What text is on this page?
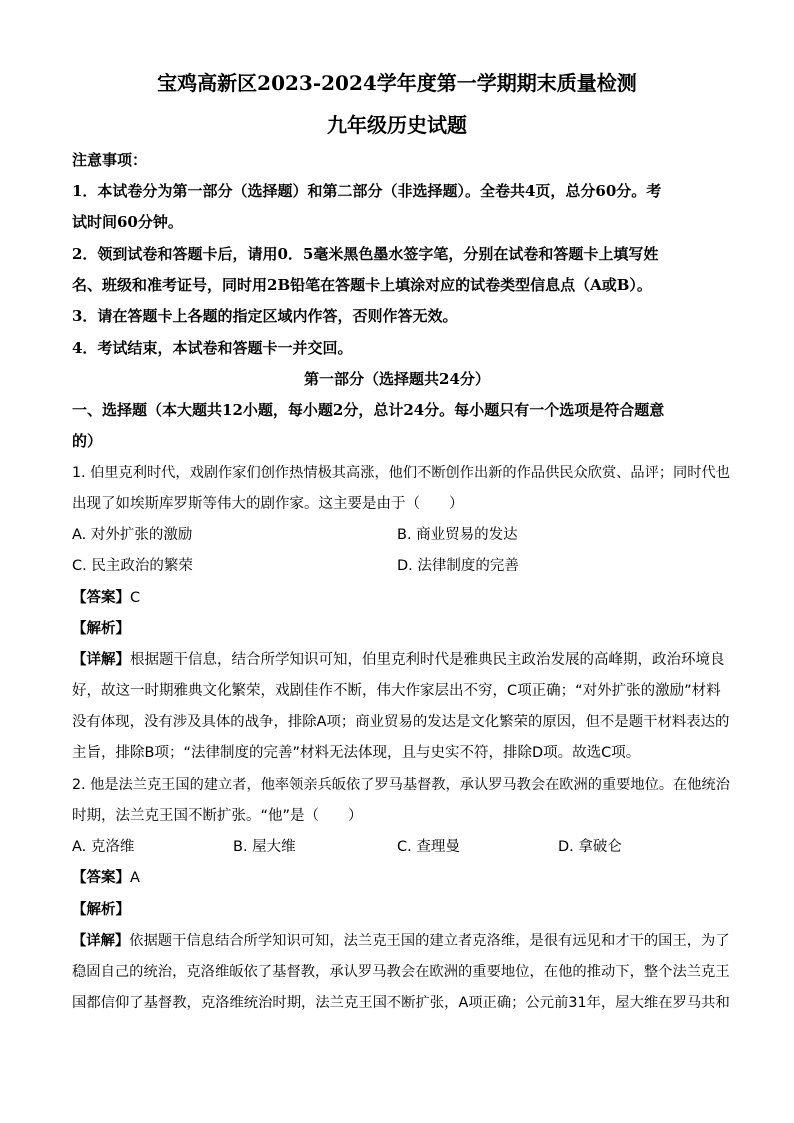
宝鸡高新区2023-2024学年度第一学期期末质量检测
九年级历史试题
注意事项：
1．本试卷分为第一部分（选择题）和第二部分（非选择题）。全卷共4页，总分60分。考
试时间60分钟。
2．领到试卷和答题卡后，请用0．5毫米黑色墨水签字笔，分别在试卷和答题卡上填写姓
名、班级和准考证号，同时用2B铅笔在答题卡上填涂对应的试卷类型信息点（A或B）。
3．请在答题卡上各题的指定区域内作答，否则作答无效。
4．考试结束，本试卷和答题卡一并交回。
第一部分（选择题共24分）
一、选择题（本大题共12小题，每小题2分，总计24分。每小题只有一个选项是符合题意
的）
1. 伯里克利时代，戏剧作家们创作热情极其高涨，他们不断创作出新的作品供民众欣赏、品评；同时代也
出现了如埃斯库罗斯等伟大的剧作家。这主要是由于（　　）
A. 对外扩张的激励	B. 商业贸易的发达
C. 民主政治的繁荣	D. 法律制度的完善
【答案】C
【解析】
【详解】根据题干信息，结合所学知识可知，伯里克利时代是雅典民主政治发展的高峰期，政治环境良
好，故这一时期雅典文化繁荣，戏剧佳作不断，伟大作家层出不穷，C项正确；“对外扩张的激励”材料
没有体现，没有涉及具体的战争，排除A项；商业贸易的发达是文化繁荣的原因，但不是题干材料表达的
主旨，排除B项；“法律制度的完善”材料无法体现，且与史实不符，排除D项。故选C项。
2. 他是法兰克王国的建立者，他率领亲兵皈依了罗马基督教，承认罗马教会在欧洲的重要地位。在他统治
时期，法兰克王国不断扩张。“他”是（　　）
A. 克洛维	B. 屋大维	C. 查理曼	D. 拿破仑
【答案】A
【解析】
【详解】依据题干信息结合所学知识可知，法兰克王国的建立者克洛维，是很有远见和才干的国王，为了
稳固自己的统治，克洛维皈依了基督教，承认罗马教会在欧洲的重要地位，在他的推动下，整个法兰克王
国都信仰了基督教，克洛维统治时期，法兰克王国不断扩张，A项正确；公元前31年，屋大维在罗马共和
